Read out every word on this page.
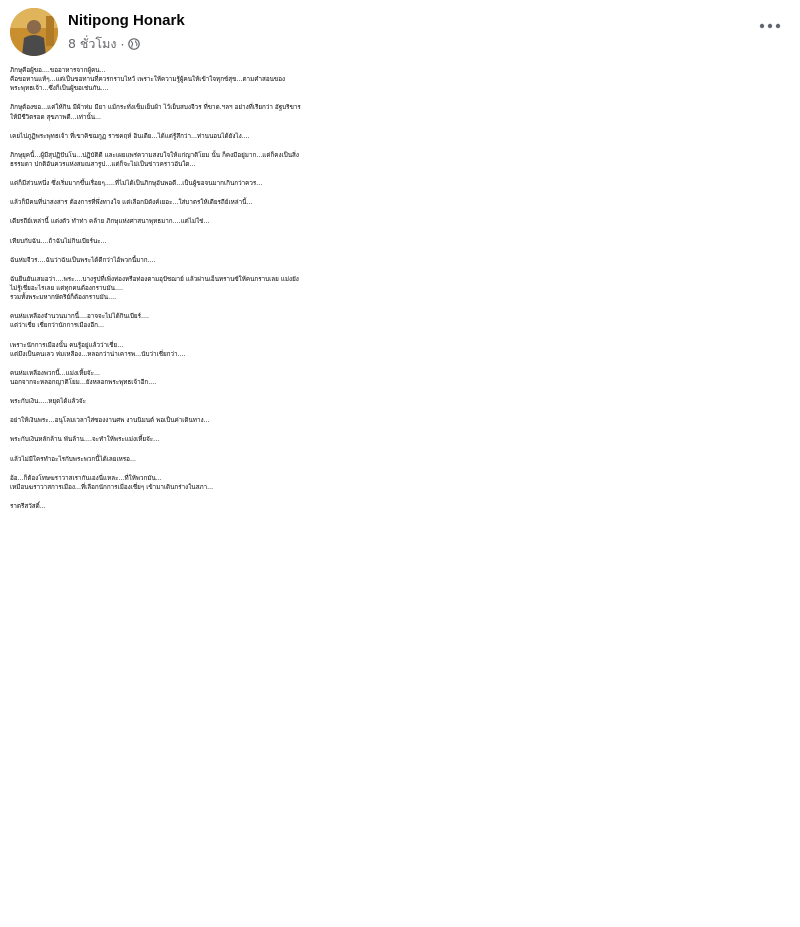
Nitipong Honark
8 ชั่วโมง ·
ภิกษุคือผู้ขอ....ขออาหารจากผู้คน...
คือขอทานแท้ๆ...แต่เป็นขอทานที่ควรกราบไหว้ เพราะให้ความรู้ผู้คนให้เข้าใจทุกข์สุข...ตามคำสอนของ
พระพุทธเจ้า...ซึ่งก็เป็นผู้ขอเช่นกัน....
ภิกษุต้องขอ...แค่ให้กิน มีผ้าห่ม มียา แม้กระทั่งเข็มเย็บผ้า ไว้เย็บสบงจีวร ที่ขาด.ฯลฯ อย่างที่เรียกว่า อัฐบริขาร
ให้มีชีวิตรอด สุขภาพดี...เท่านั้น...
เคยไปภูฏิพระพุทธเจ้า ที่เขาคิชฌกูฏ ราชคฤห์ อินเดีย...ได้แต่รู้สึกว่า...ท่านนอนได้ยังไง....
ภิกษุยุคนี้...ผู้มีสุปฏิปันโน...ปฏิบัติดี และเผยแพร่ความสงบใจให้แก่ญาติโยม นั้น ก็คงมีอยู่มาก...แต่ก็คงเป็นสิ่ง
ธรรมดา ปกติอันควรแห่งสมณสารูป...แต่ก็จะไม่เป็นข่าวคราวอันใด...
แต่ก็มีส่วนหนึ่ง ซึ่งเริ่มมากขึ้นเรื่อยๆ.....ที่ไม่ได้เป็นภิกษุอันพอดี...เป็นผู้ขอจนมากเกินกว่าควร...
แล้วก็มีคนที่น่าสงสาร ต้องการที่พึ่งทางใจ แต่เลือกมิดังค์เยอะ...ใส่บาตรให้เดียรถีย์เหล่านี้...
เดียรถีย์เหล่านี้ แต่งตัว ทำท่า คล้าย ภิกษุแห่งศาสนาพุทธมาก....แต่ไม่ใช่...
เทียบกับฉัน....ถ้าฉันไม่กินเบียร์นะ...
ฉันห่มจีวร....ฉันว่าฉันเป็นพระได้ดีกว่าไอ้พวกนี้มาก....
ฉันยืนยันเสมอว่า....พระ....บางรูปที่เพิ่งท่องหรือท่องตามอุปัชฌาย์ แล้วผ่านเอ็นทรานซ์ให้คนกราบเลย แม่งยัง
ไม่รู้เชี่ยอะไรเลย แต่ทุกคนต้องกราบมัน....
รวมทั้งพระมหากษัตริย์ก็ต้องกราบมัน....
คนห่มเหลืองจำนวนมากนี้....อาจจะไม่ได้กินเบียร์....
แต่ว่าเชี่ย เชี่ยกว่านักการเมืองอีก...
เพราะนักการเมืองนั้น คนรู้อยู่แล้วว่าเชี่ย...
แต่มึงเป็นคนเลว ห่มเหลือง...หลอกว่าน่าเคารพ...นับว่าเชี่ยกว่า....
คนห่มเหลืองพวกนี้...แม่งเหี้ยจัะ...
นอกจากจะหลอกญาติโยม...ยังหลอกพระพุทธเจ้าอีก....
พระกับเงิน.....หยุดได้แล้วจัะ
อย่าให้เงินพระ...อนุโลมเวลาใส่ซองงานศพ งานนิมนต์ พอเป็นค่าเดินทาง...
พระกับเงินหลักล้าน พันล้าน....จะทำให้พระแม่งเหี้ยจัะ...
แล้วไม่มีใครทำอะไรกับพระพวกนี้ได้เลยเหรอ...
อ้อ...ก็ต้องโทษฆราวาสเรากันเองนี่แหละ...ที่ให้พวกมัน...
เหมือนฆราวาสการเมือง...ที่เลือกนักการเมืองเชี่ยๆ เข้ามาเดินกร่างในสภา...
ราตรีสวัสดิ์...
